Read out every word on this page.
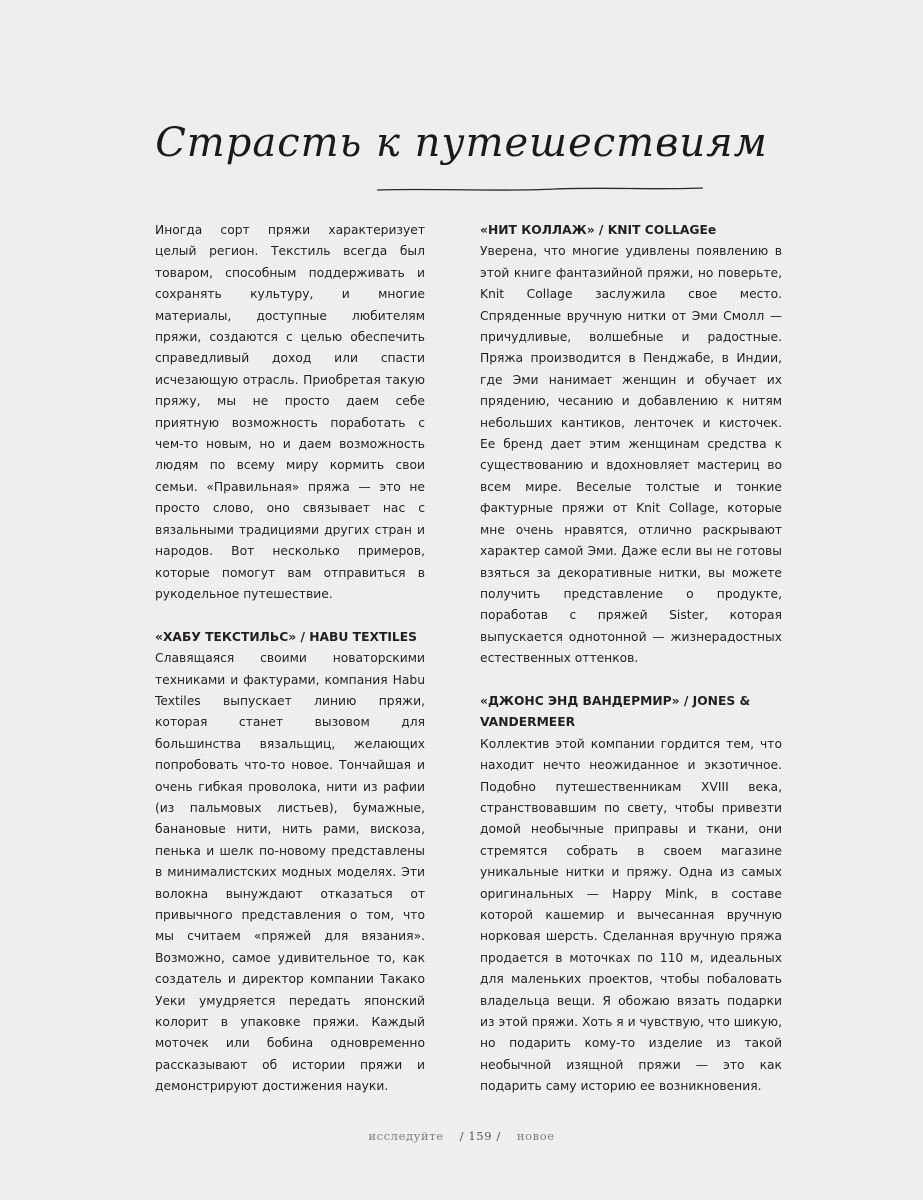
Страсть к путешествиям

Иногда сорт пряжи характеризует целый регион. Текстиль всегда был товаром, способным поддерживать и сохранять культуру, и многие материалы, доступные любителям пряжи, создаются с целью обеспечить справедливый доход или спасти исчезающую отрасль. Приобретая такую пряжу, мы не просто даем себе приятную возможность поработать с чем-то новым, но и даем возможность людям по всему миру кормить свои семьи. «Правильная» пряжа — это не просто слово, оно связывает нас с вязальными традициями других стран и народов. Вот несколько примеров, которые помогут вам отправиться в рукодельное путешествие.

«ХАБУ ТЕКСТИЛЬС» / HABU TEXTILES

Славящаяся своими новаторскими техниками и фактурами, компания Habu Textiles выпускает линию пряжи, которая станет вызовом для большинства вязальщиц, желающих попробовать что-то новое. Тончайшая и очень гибкая проволока, нити из рафии (из пальмовых листьев), бумажные, банановые нити, нить рами, вискоза, пенька и шелк по-новому представлены в минималистских модных моделях. Эти волокна вынуждают отказаться от привычного представления о том, что мы считаем «пряжей для вязания». Возможно, самое удивительное то, как создатель и директор компании Такако Уеки умудряется передать японский колорит в упаковке пряжи. Каждый моточек или бобина одновременно рассказывают об истории пряжи и демонстрируют достижения науки.

«НИТ КОЛЛАЖ» / KNIT COLLAGEе

Уверена, что многие удивлены появлению в этой книге фантазийной пряжи, но поверьте, Knit Collage заслужила свое место. Спряденные вручную нитки от Эми Смолл — причудливые, волшебные и радостные. Пряжа производится в Пенджабе, в Индии, где Эми нанимает женщин и обучает их прядению, чесанию и добавлению к нитям небольших кантиков, ленточек и кисточек. Ее бренд дает этим женщинам средства к существованию и вдохновляет мастериц во всем мире. Веселые толстые и тонкие фактурные пряжи от Knit Collage, которые мне очень нравятся, отлично раскрывают характер самой Эми. Даже если вы не готовы взяться за декоративные нитки, вы можете получить представление о продукте, поработав с пряжей Sister, которая выпускается однотонной — жизнерадостных естественных оттенков.

«ДЖОНС ЭНД ВАНДЕРМИР» / JONES & VANDERMEER

Коллектив этой компании гордится тем, что находит нечто неожиданное и экзотичное. Подобно путешественникам XVIII века, странствовавшим по свету, чтобы привезти домой необычные приправы и ткани, они стремятся собрать в своем магазине уникальные нитки и пряжу. Одна из самых оригинальных — Happy Mink, в составе которой кашемир и вычесанная вручную норковая шерсть. Сделанная вручную пряжа продается в моточках по 110 м, идеальных для маленьких проектов, чтобы побаловать владельца вещи. Я обожаю вязать подарки из этой пряжи. Хоть я и чувствую, что шикую, но подарить кому-то изделие из такой необычной изящной пряжи — это как подарить саму историю ее возникновения.

исследуйте / 159 / новое
